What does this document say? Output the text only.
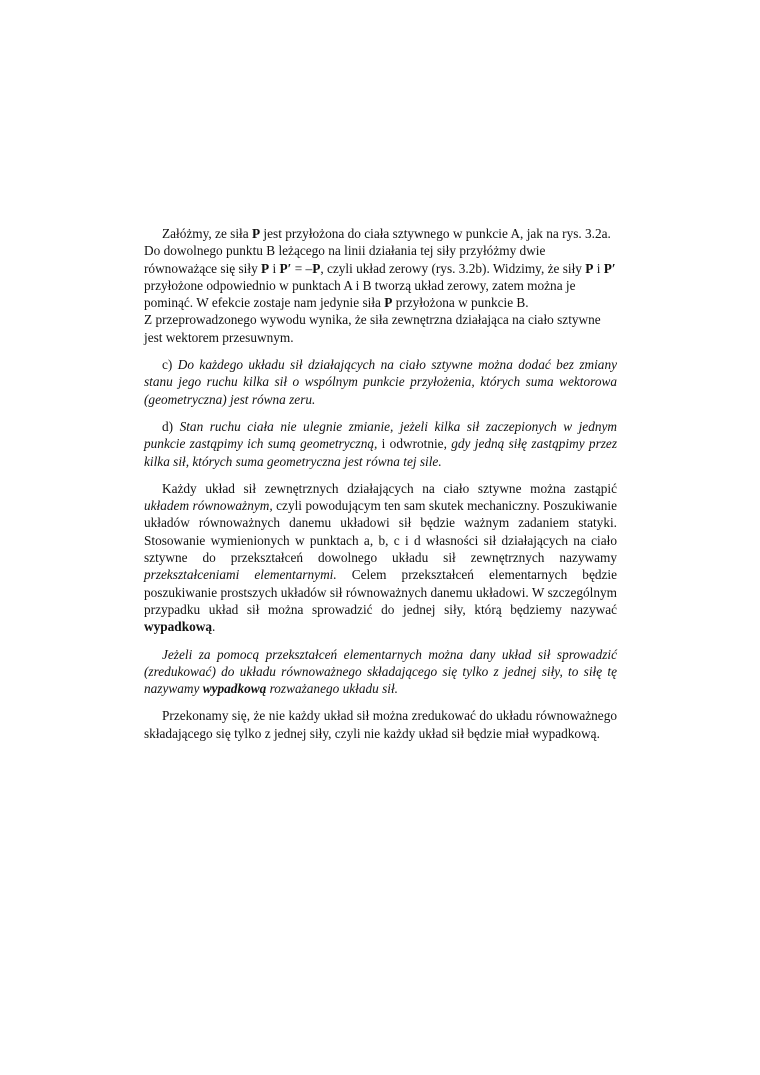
Załóżmy, ze siła P jest przyłożona do ciała sztywnego w punkcie A, jak na rys. 3.2a. Do dowolnego punktu B leżącego na linii działania tej siły przyłóżmy dwie równoważące się siły P i P′ = –P, czyli układ zerowy (rys. 3.2b). Widzimy, że siły P i P′ przyłożone odpowiednio w punktach A i B tworzą układ zerowy, zatem można je pominąć. W efekcie zostaje nam jedynie siła P przyłożona w punkcie B.

Z przeprowadzonego wywodu wynika, że siła zewnętrzna działająca na ciało sztywne jest wektorem przesuwnym.

c) Do każdego układu sił działających na ciało sztywne można dodać bez zmiany stanu jego ruchu kilka sił o wspólnym punkcie przyłożenia, których suma wektorowa (geometryczna) jest równa zeru.

d) Stan ruchu ciała nie ulegnie zmianie, jeżeli kilka sił zaczepionych w jednym punkcie zastąpimy ich sumą geometryczną, i odwrotnie, gdy jedną siłę zastąpimy przez kilka sił, których suma geometryczna jest równa tej sile.

Każdy układ sił zewnętrznych działających na ciało sztywne można zastąpić układem równoważnym, czyli powodującym ten sam skutek mechaniczny. Poszukiwanie układów równoważnych danemu układowi sił będzie ważnym zadaniem statyki. Stosowanie wymienionych w punktach a, b, c i d własności sił działających na ciało sztywne do przekształceń dowolnego układu sił zewnętrznych nazywamy przekształceniami elementarnymi. Celem przekształceń elementarnych będzie poszukiwanie prostszych układów sił równoważnych danemu układowi. W szczególnym przypadku układ sił można sprowadzić do jednej siły, którą będziemy nazywać wypadkową.

Jeżeli za pomocą przekształceń elementarnych można dany układ sił sprowadzić (zredukować) do układu równoważnego składającego się tylko z jednej siły, to siłę tę nazywamy wypadkową rozważanego układu sił.

Przekonamy się, że nie każdy układ sił można zredukować do układu równoważnego składającego się tylko z jednej siły, czyli nie każdy układ sił będzie miał wypadkową.
